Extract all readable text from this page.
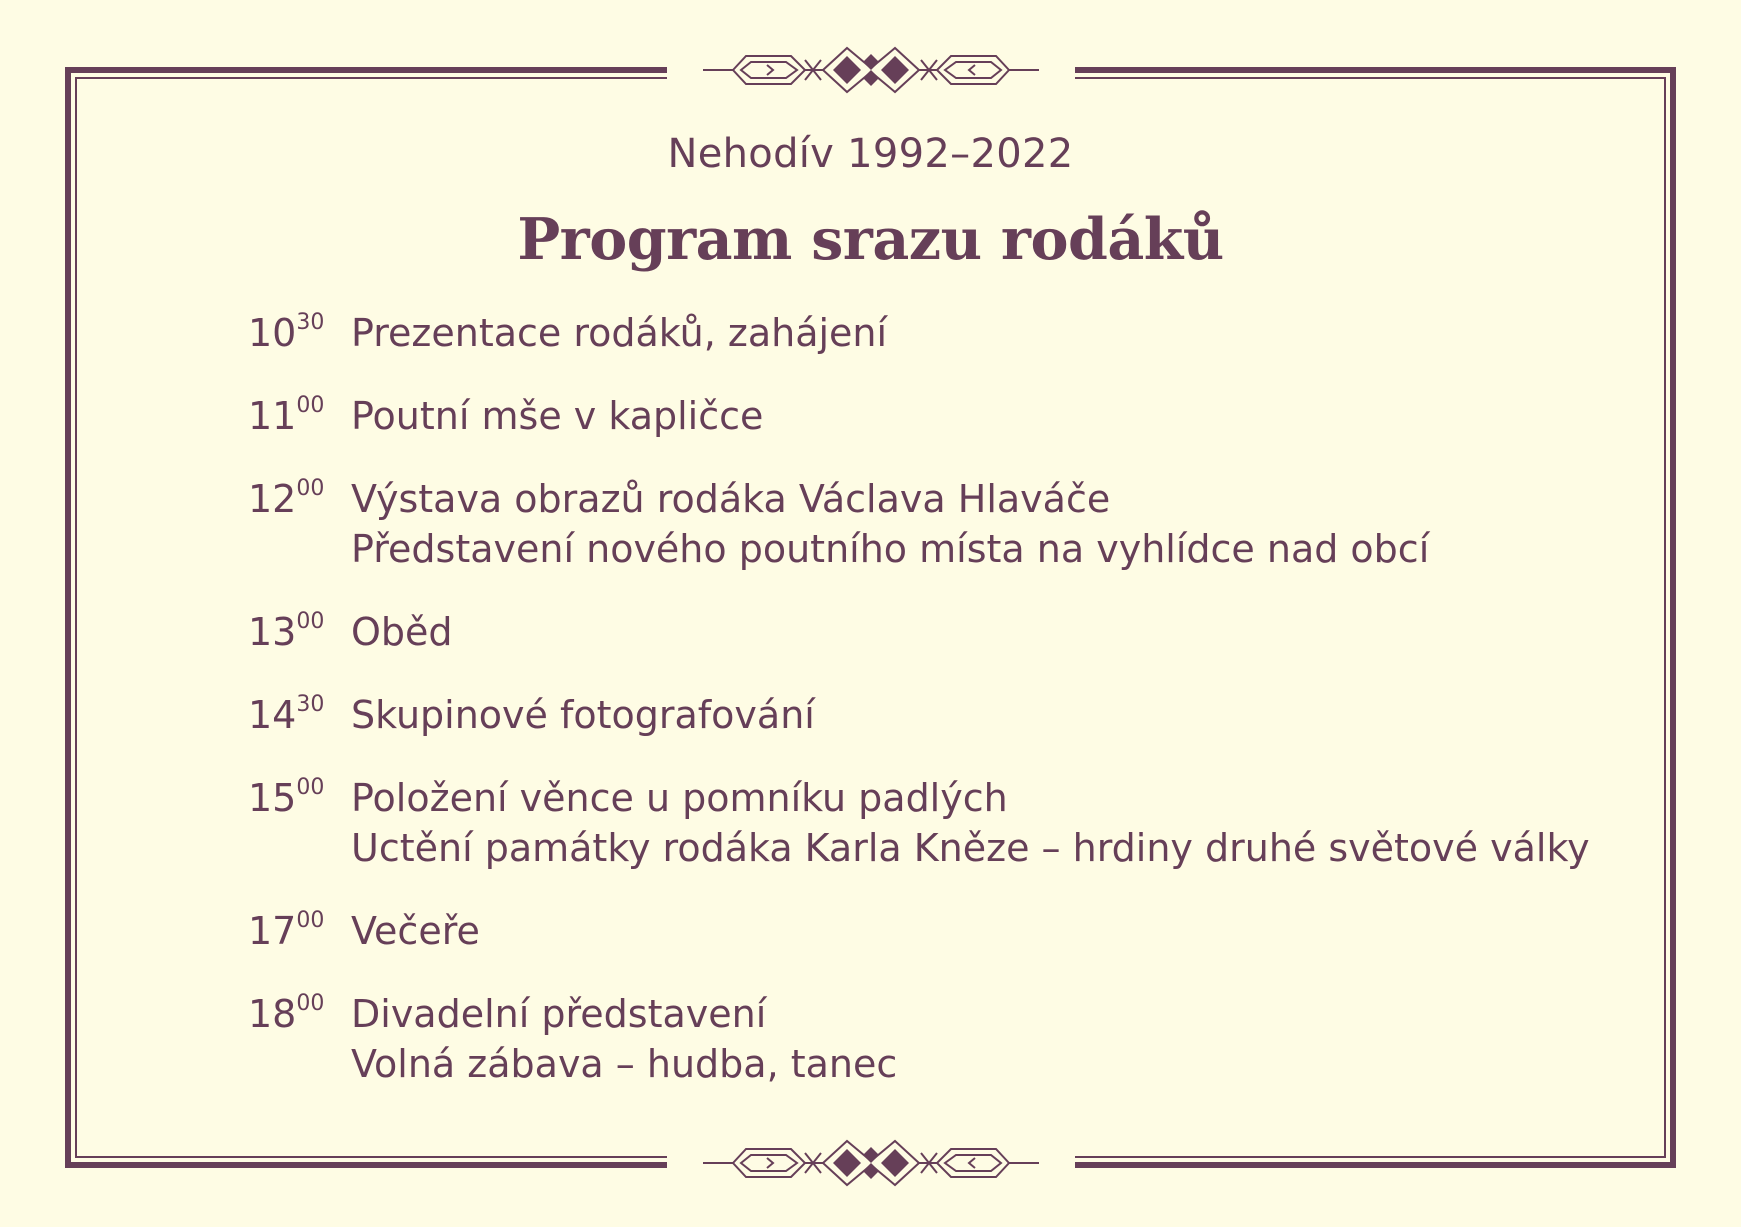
Nehodív 1992–2022
Program srazu rodáků
$10^{30}$ Prezentace rodáků, zahájení
$11^{00}$ Poutní mše v kapličce
$12^{00}$ Výstava obrazů rodáka Václava Hlaváče
Představení nového poutního místa na vyhlídce nad obcí
$13^{00}$ Oběd
$14^{30}$ Skupinové fotografování
$15^{00}$ Položení věnce u pomníku padlých
Uctění památky rodáka Karla Kněze – hrdiny druhé světové války
$17^{00}$ Večeře
$18^{00}$ Divadelní představení
Volná zábava – hudba, tanec
